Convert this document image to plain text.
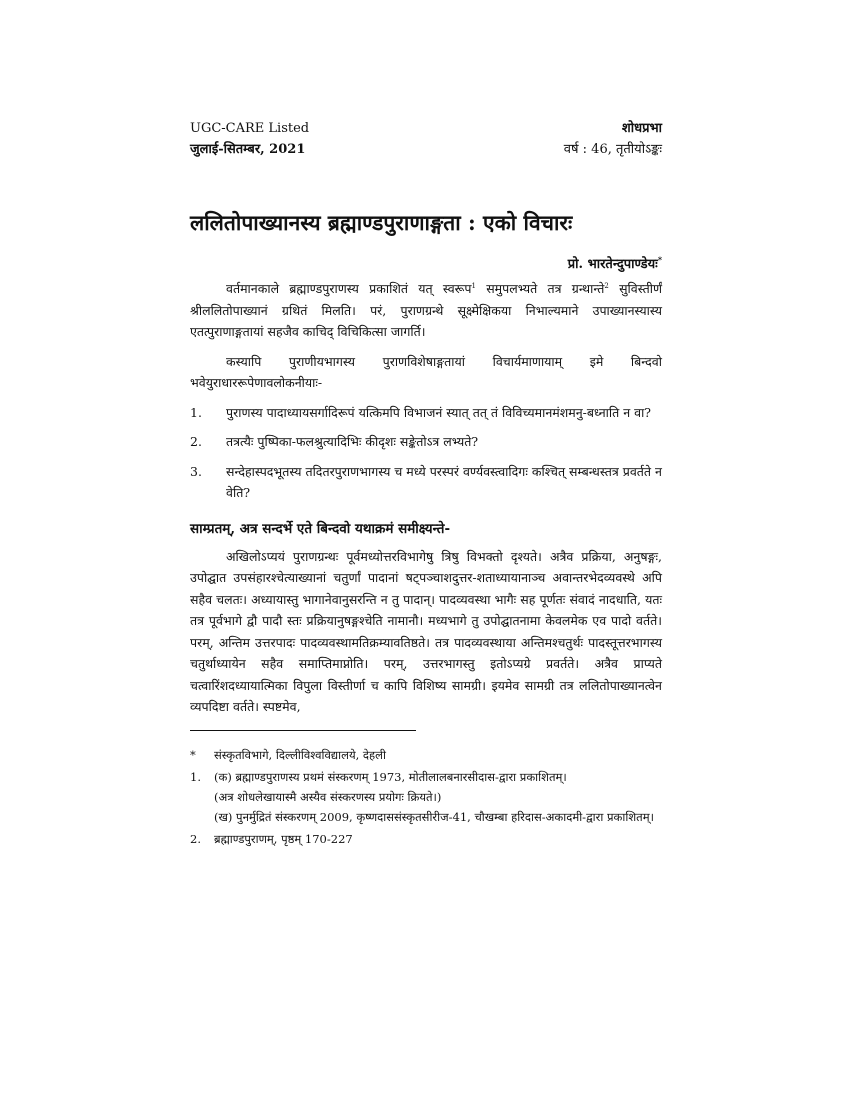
UGC-CARE Listed
जुलाई-सितम्बर, 2021
शोधप्रभा
वर्ष : 46, तृतीयोऽङ्कः
ललितोपाख्यानस्य ब्रह्माण्डपुराणाङ्गता : एको विचारः
प्रो. भारतेन्दुपाण्डेयः*

वर्तमानकाले ब्रह्माण्डपुराणस्य प्रकाशितं यत् स्वरूप$^1$ समुपलभ्यते तत्र ग्रन्थान्ते$^2$ सुविस्तीर्णं श्रीललितोपाख्यानं ग्रथितं मिलति। परं, पुराणग्रन्थे सूक्ष्मेक्षिकया निभाल्यमाने उपाख्यानस्यास्य एतत्पुराणाङ्गतायां सहजैव काचिद् विचिकित्सा जागर्ति।

कस्यापि पुराणीयभागस्य पुराणविशेषाङ्गतायां विचार्यमाणायाम् इमे बिन्दवो भवेयुराधाररूपेणावलोकनीयाः-

1.	पुराणस्य पादाध्यायसर्गादिरूपं यत्किमपि विभाजनं स्यात् तत् तं विविच्यमानमंशमनु-बध्नाति न वा?
2.	तत्रत्यैः पुष्पिका-फलश्रुत्यादिभिः कीदृशः सङ्केतोऽत्र लभ्यते?
3.	सन्देहास्पदभूतस्य तदितरपुराणभागस्य च मध्ये परस्परं वर्ण्यवस्त्वादिगः कश्चित् सम्बन्धस्तत्र प्रवर्तते न वेति?
साम्प्रतम्, अत्र सन्दर्भे एते बिन्दवो यथाक्रमं समीक्ष्यन्ते-

अखिलोऽप्ययं पुराणग्रन्थः पूर्वमध्योत्तरविभागेषु त्रिषु विभक्तो दृश्यते। अत्रैव प्रक्रिया, अनुषङ्गः, उपोद्घात उपसंहारश्चेत्याख्यानां चतुर्णां पादानां षट्पञ्चाशदुत्तर-शताध्यायानाञ्च अवान्तरभेदव्यवस्थे अपि सहैव चलतः। अध्यायास्तु भागानेवानुसरन्ति न तु पादान्। पादव्यवस्था भागैः सह पूर्णतः संवादं नादधाति, यतः तत्र पूर्वभागे द्वौ पादौ स्तः प्रक्रियानुषङ्गश्चेति नामानौ। मध्यभागे तु उपोद्घातनामा केवलमेक एव पादो वर्तते। परम्, अन्तिम उत्तरपादः पादव्यवस्थामतिक्रम्यावतिष्ठते। तत्र पादव्यवस्थाया अन्तिमश्चतुर्थः पादस्तूत्तरभागस्य चतुर्थाध्यायेन सहैव समाप्तिमाप्नोति। परम्, उत्तरभागस्तु इतोऽप्यग्रे प्रवर्तते। अत्रैव प्राप्यते चत्वारिंशदध्यायात्मिका विपुला विस्तीर्णा च कापि विशिष्य सामग्री। इयमेव सामग्री तत्र ललितोपाख्यानत्वेन व्यपदिष्टा वर्तते। स्पष्टमेव,

*	संस्कृतविभागे, दिल्लीविश्वविद्यालये, देहली
1.	(क) ब्रह्माण्डपुराणस्य प्रथमं संस्करणम् 1973, मोतीलालबनारसीदास-द्वारा प्रकाशितम्।
(अत्र शोधलेखायास्मै अस्यैव संस्करणस्य प्रयोगः क्रियते।)
(ख) पुनर्मुद्रितं संस्करणम् 2009, कृष्णदाससंस्कृतसीरीज-41, चौखम्बा हरिदास-अकादमी-द्वारा प्रकाशितम्।
2.	ब्रह्माण्डपुराणम्, पृष्ठम् 170-227
